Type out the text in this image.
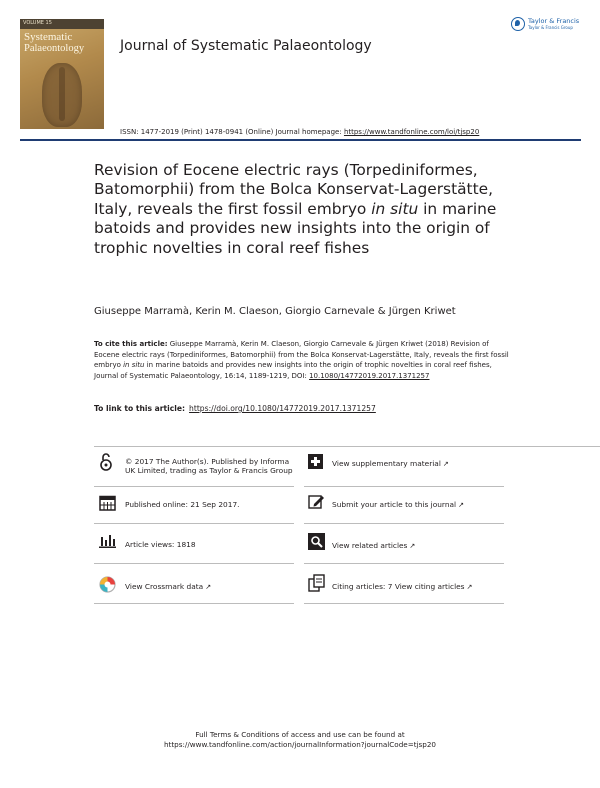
VOLUME 15
Systematic
Palaeontology	Journal of Systematic Palaeontology
Taylor & Francis
Taylor & Francis Group
ISSN: 1477-2019 (Print) 1478-0941 (Online) Journal homepage: https://www.tandfonline.com/loi/tjsp20
Revision of Eocene electric rays (Torpediniformes, Batomorphii) from the Bolca Konservat-Lagerstätte, Italy, reveals the first fossil embryo in situ in marine batoids and provides new insights into the origin of trophic novelties in coral reef fishes
Giuseppe Marramà, Kerin M. Claeson, Giorgio Carnevale & Jürgen Kriwet
To cite this article: Giuseppe Marramà, Kerin M. Claeson, Giorgio Carnevale & Jürgen Kriwet (2018) Revision of Eocene electric rays (Torpediniformes, Batomorphii) from the Bolca Konservat-Lagerstätte, Italy, reveals the first fossil embryo in situ in marine batoids and provides new insights into the origin of trophic novelties in coral reef fishes, Journal of Systematic Palaeontology, 16:14, 1189-1219, DOI: 10.1080/14772019.2017.1371257
To link to this article: https://doi.org/10.1080/14772019.2017.1371257
© 2017 The Author(s). Published by Informa UK Limited, trading as Taylor & Francis Group
View supplementary material ↗
Published online: 21 Sep 2017.	Submit your article to this journal ↗
Article views: 1818	View related articles ↗
View Crossmark data ↗	Citing articles: 7 View citing articles ↗
Full Terms & Conditions of access and use can be found at
https://www.tandfonline.com/action/journalInformation?journalCode=tjsp20
